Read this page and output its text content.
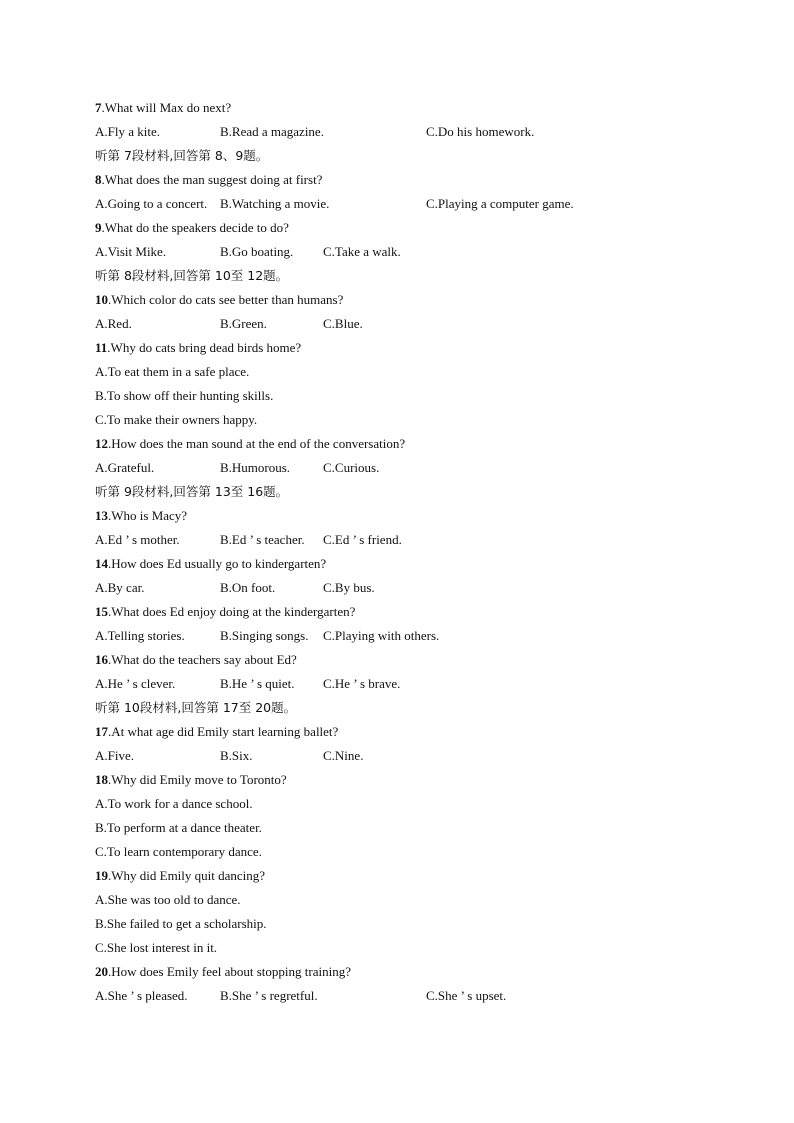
7.What will Max do next?
A.Fly a kite.	B.Read a magazine.	C.Do his homework.
听第 7段材料,回答第 8、9题。
8.What does the man suggest doing at first?
A.Going to a concert. B.Watching a movie.	C.Playing a computer game.
9.What do the speakers decide to do?
A.Visit Mike.	B.Go boating. C.Take a walk.
听第 8段材料,回答第 10至 12题。
10.Which color do cats see better than humans?
A.Red.	B.Green.	C.Blue.
11.Why do cats bring dead birds home?
A.To eat them in a safe place.
B.To show off their hunting skills.
C.To make their owners happy.
12.How does the man sound at the end of the conversation?
A.Grateful.	B.Humorous.	C.Curious.
听第 9段材料,回答第 13至 16题。
13.Who is Macy?
A.Ed ’ s mother.	B.Ed ’ s teacher. C.Ed ’ s friend.
14.How does Ed usually go to kindergarten?
A.By car.	B.On foot.	C.By bus.
15.What does Ed enjoy doing at the kindergarten?
A.Telling stories.	B.Singing songs. C.Playing with others.
16.What do the teachers say about Ed?
A.He ’ s clever.	B.He ’ s quiet. C.He ’ s brave.
听第 10段材料,回答第 17至 20题。
17.At what age did Emily start learning ballet?
A.Five.	B.Six.	C.Nine.
18.Why did Emily move to Toronto?
A.To work for a dance school.
B.To perform at a dance theater.
C.To learn contemporary dance.
19.Why did Emily quit dancing?
A.She was too old to dance.
B.She failed to get a scholarship.
C.She lost interest in it.
20.How does Emily feel about stopping training?
A.She ’ s pleased. B.She ’ s regretful.	C.She ’ s upset.
